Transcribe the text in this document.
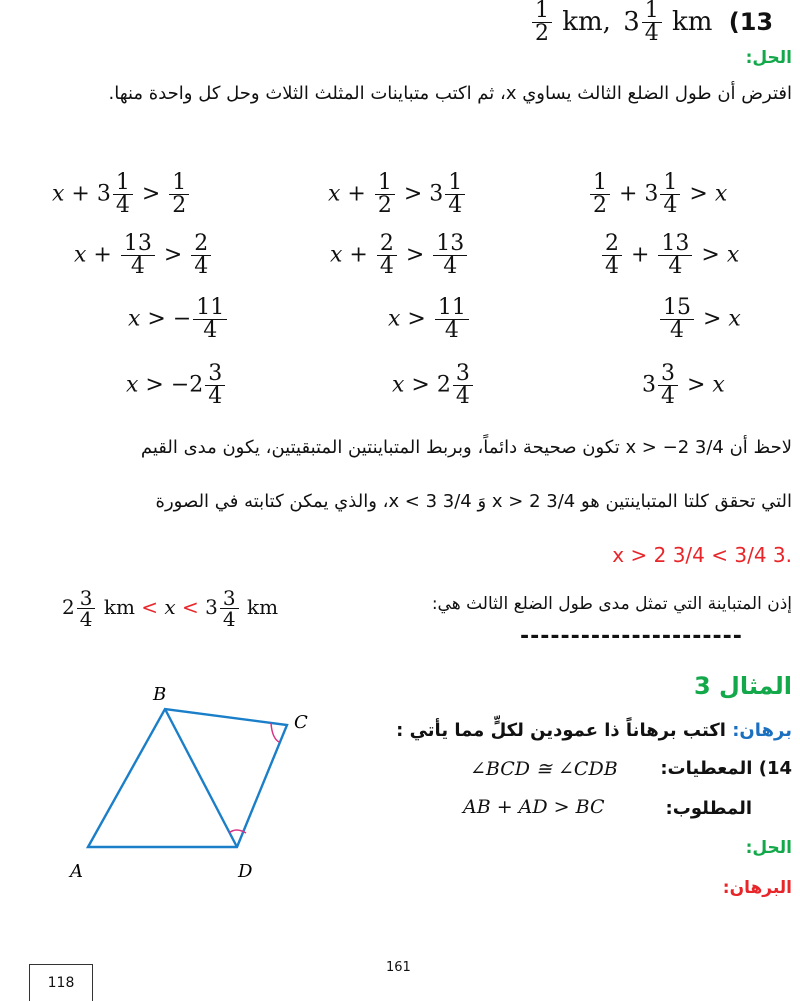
$\frac{1}{2}$ km, $3 \frac{1}{4}$ km (13
الحل:
افترض أن طول الضلع الثالث يساوي x، ثم اكتب متباينات المثلث الثلاث وحل كل واحدة منها.
$\frac{1}{2} + 3 \frac{1}{4} > x$
$\frac{2}{4} + \frac{13}{4} > x$
$\frac{15}{4} > x$
$3 \frac{3}{4} > x$
$x + \frac{1}{2} > 3 \frac{1}{4}$
$x + \frac{2}{4} > \frac{13}{4}$
$x > \frac{11}{4}$
$x > 2 \frac{3}{4}$
$x + 3 \frac{1}{4} > \frac{1}{2}$
$x + \frac{13}{4} > \frac{2}{4}$
x > − $\frac{11}{4}$
$x > -2 \frac{3}{4}$
لاحظ أن x > −2 3/4 تكون صحيحة دائماً، وبربط المتباينتين المتبقيتين، يكون مدى القيم
التي تحقق كلتا المتباينتين هو x > 2 3/4 وَ x < 3 3/4، والذي يمكن كتابته في الصورة
.3 3/4 > x > 2 3/4
إذن المتباينة التي تمثل مدى طول الضلع الثالث هي:
$2 \frac{3}{4}$ km < $x < 3 \frac{3}{4}$ km
----------------------
المثال 3
برهان: اكتب برهاناً ذا عمودين لكلٍّ مما يأتي :
14) المعطيات:
∠BCD ≅ ∠CDB
المطلوب:
AB + AD > BC
الحل:
البرهان:
A
B
C
D
161
118
